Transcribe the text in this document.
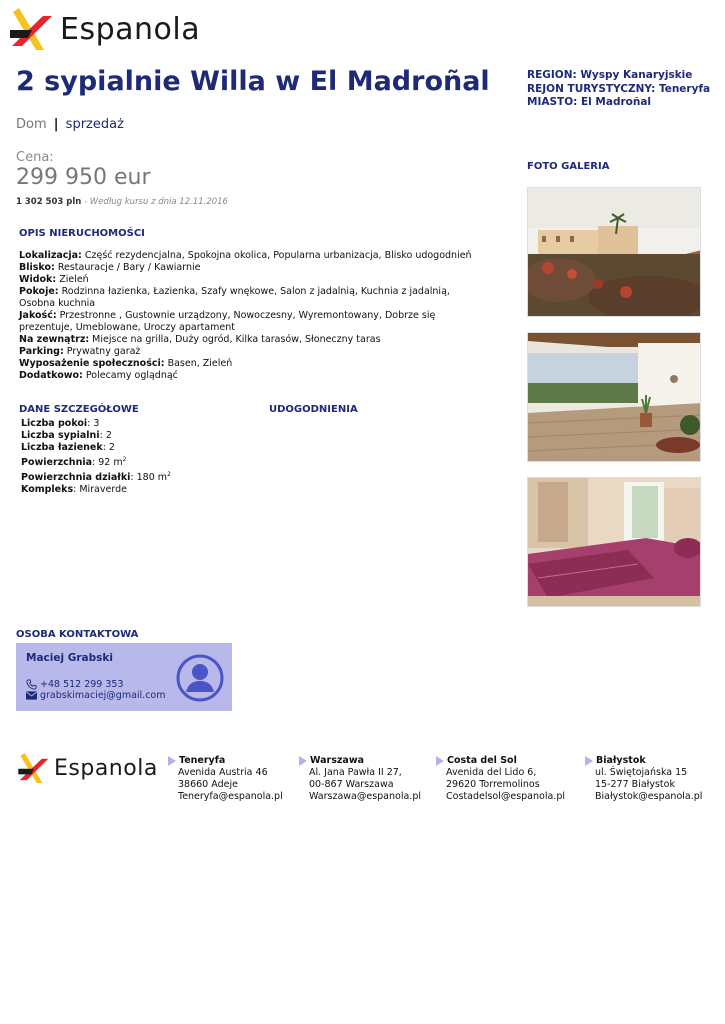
Espanola
2 sypialnie Willa w El Madroñal
Dom | sprzedaż
Cena:
299 950 eur
1 302 503 pln - Według kursu z dnia 12.11.2016
REGION: Wyspy Kanaryjskie
REJON TURYSTYCZNY: Teneryfa
MIASTO: El Madroñal
FOTO GALERIA
OPIS NIERUCHOMOŚCI
Lokalizacja: Część rezydencjalna, Spokojna okolica, Popularna urbanizacja, Blisko udogodnień
Blisko: Restauracje / Bary / Kawiarnie
Widok: Zieleń
Pokoje: Rodzinna łazienka, Łazienka, Szafy wnękowe, Salon z jadalnią, Kuchnia z jadalnią, Osobna kuchnia
Jakość: Przestronne , Gustownie urządzony, Nowoczesny, Wyremontowany, Dobrze się prezentuje, Umeblowane, Uroczy apartament
Na zewnątrz: Miejsce na grilla, Duży ogród, Kilka tarasów, Słoneczny taras
Parking: Prywatny garaż
Wyposażenie społeczności: Basen, Zieleń
Dodatkowo: Polecamy oglądnąć
DANE SZCZEGÓŁOWE	UDOGODNIENIA
Liczba pokoi: 3
Liczba sypialni: 2
Liczba łazienek: 2
Powierzchnia: 92 $m^2$
Powierzchnia działki: 180 $m^2$
Kompleks: Miraverde
OSOBA KONTAKTOWA
Maciej Grabski
+48 512 299 353
grabskimaciej@gmail.com
Espanola Teneryfa
Avenida Austria 46
38660 Adeje
Teneryfa@espanola.pl
Warszawa
Al. Jana Pawła II 27,
00-867 Warszawa
Warszawa@espanola.pl
Costa del Sol
Avenida del Lido 6,
29620 Torremolinos
Costadelsol@espanola.pl
Białystok
ul. Świętojańska 15
15-277 Białystok
Białystok@espanola.pl
